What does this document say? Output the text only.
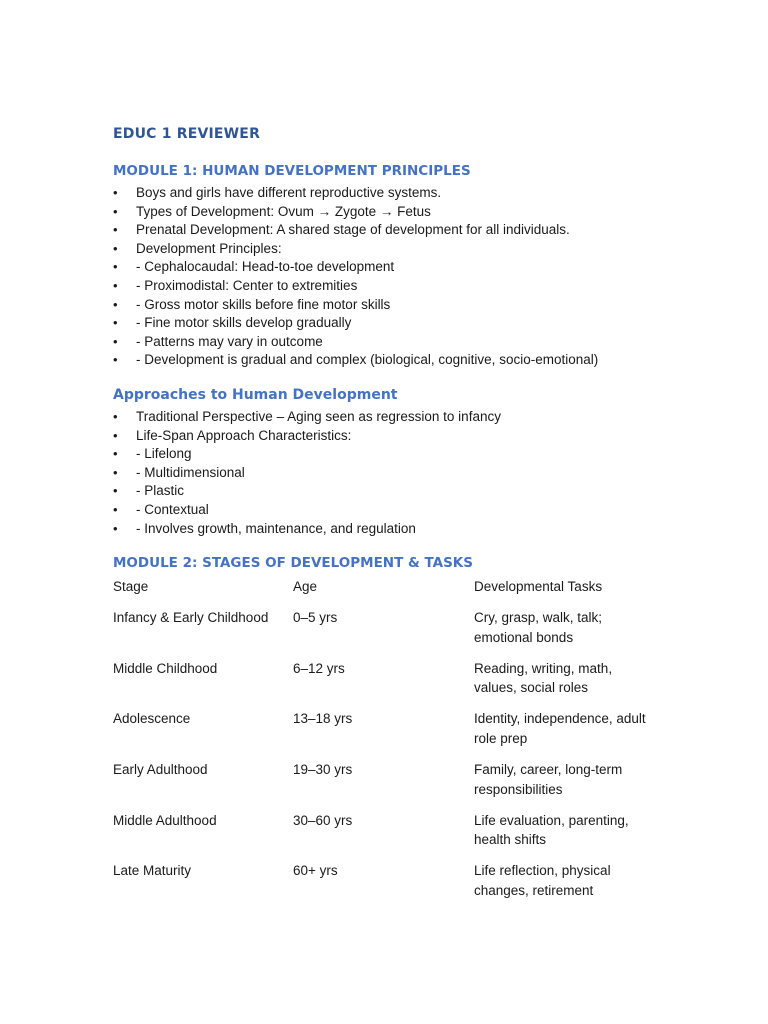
EDUC 1 REVIEWER
MODULE 1: HUMAN DEVELOPMENT PRINCIPLES
• Boys and girls have different reproductive systems.
• Types of Development: Ovum → Zygote → Fetus
• Prenatal Development: A shared stage of development for all individuals.
• Development Principles:
• - Cephalocaudal: Head-to-toe development
• - Proximodistal: Center to extremities
• - Gross motor skills before fine motor skills
• - Fine motor skills develop gradually
• - Patterns may vary in outcome
• - Development is gradual and complex (biological, cognitive, socio-emotional)
Approaches to Human Development
• Traditional Perspective – Aging seen as regression to infancy
• Life-Span Approach Characteristics:
• - Lifelong
• - Multidimensional
• - Plastic
• - Contextual
• - Involves growth, maintenance, and regulation
MODULE 2: STAGES OF DEVELOPMENT & TASKS
Stage	Age	Developmental Tasks
Infancy & Early Childhood	0–5 yrs	Cry, grasp, walk, talk; emotional bonds
Middle Childhood	6–12 yrs	Reading, writing, math, values, social roles
Adolescence	13–18 yrs	Identity, independence, adult role prep
Early Adulthood	19–30 yrs	Family, career, long-term responsibilities
Middle Adulthood	30–60 yrs	Life evaluation, parenting, health shifts
Late Maturity	60+ yrs	Life reflection, physical changes, retirement
